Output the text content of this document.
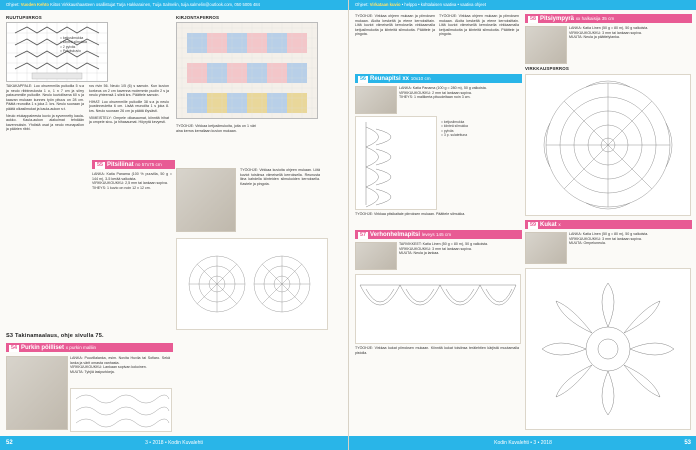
Ohjeet: Vuoden Kehto Kiitos Virkkaushaasteen osallistujat Tarja Hakkarainen, Tuija Salmelin, tuija.salmelin@outlook.com, 050 5005 484
RUUTUPIIRROS
= ketjusilmukka
= kiinteä silmukka
= 2 pylväs
= Pylväskuvio
KIRJONTAPIIRROS

TAKAKAPPALE: Luo ohuemmilla puikoilla 5 s:a ja neulo ribbineulosta 1 o, 1 n 7 cm ja siirry paksummille puikoille. Neulo kuviollisena 60 s ja kaavan mukaan kunnes työn pituus on 28 cm. Päätä reunoilta 1 s joka 2. krs. Neulo suoraan ja päätä olkasilmukat ja kaula-aukon s:t.

Neulo etukappaleesta kuvio ja syvennetty kaula-aukko. Kaula-aukon alakulmat tehdään kavennuksin. Yhdistä osat ja neulo reunapallon ja päärien ribbi.

ros rivin 56. Neulo 1/5 (6) s samoin. Kun kuvion korkeus on 2 cm kavenna molemmin puolin 2 s ja neulo yhteensä 1 sileä krs. Päättele samoin.

HIHAT: Luo ohuemmille puikoille 38 s:a ja neulo joustinneuletta 6 cm. Lisää reunoilta 1 s joka 8. krs. Neulo suoraan 26 cm ja päätä löysästi.

VIIMEISTELY: Ompele olkasaumat, kiinnitä hihat ja ompele sivu- ja hihasaumat. Höyrytä kevyesti.

TYÖOHJE: Virkkaa ketjusilmukoita, joita on 1 väri aina kerros kerrallaan kuvion mukaan.

55 Pitsiliinat no 57x75 cm
LANKA: Katia Panama (100 % puuvilla, 50 g = 144 m), 3-5 kerää valkoista.
VIRKKUUKOUKKU: 2,5 mm tai lankaan sopiva.
TIHEYS: 1 kuvio on noin 12 x 12 cm.

TYÖOHJE: Virkkaa kuvioita ohjeen mukaan. Liitä kuviot toisiinsa viimeisellä kerroksella. Reunusta liina kahdella kiinteiden silmukoiden kerroksella. Kastele ja pingota.

S3 Takinamaalaus, ohje sivulla 75.
54 Purkin pöilliset x purkin malliin
LANKA: Puuvillalanka, esim. Novita Huvila tai Sofiaro. Sekä lanka ja värit omasta vanhasta.
VIRKKUUKOUKKU: Lankaan sopivan kokoinen.
MUUTA: Tyhjiä lasipurkkeja.
52	3 • 2018 • Kodin Kuvalehti
Ohjeet: Virkataan kuvio • helppo • kohtalaisen vaativa • vaativa ohjeet

TYÖOHJE: Virkkaa ohjeen mukaan ja piirroksen mukaan. Aloita keskeltä ja etene kerroksittain. Liitä kuviot viimeisellä kerroksella virkkaamalla ketjusilmukoita ja kiinteitä silmukoita. Päättele ja pingota.

TYÖOHJE: Virkkaa ohjeen mukaan ja piirroksen mukaan. Aloita keskeltä ja etene kerroksittain. Liitä kuviot viimeisellä kerroksella virkkaamalla ketjusilmukoita ja kiinteitä silmukoita. Päättele ja pingota.

56 Reunapitsi xx 10x10 cm
LANKA: Katia Panama (100 g = 280 m), 50 g valkoista.
VIRKKUUKOUKKU: 2 mm tai lankaan sopiva.
TIHEYS: 1 mallikerta pituudeltaan noin 3 cm.
= ketjusilmukka
= kiinteä silmukka
= pylväs
= 3 p. sulatettuna

TYÖOHJE: Virkkaa pitsikaitale piirroksen mukaan. Päättele silmukka.

57 Verhonhelmapitsi leveys 145 cm
TARVIKKEET: Katia Linen (50 g = 80 m), 50 g valkoista.
VIRKKUUKOUKKU: 3 mm tai lankaan sopiva.
MUUTA: Neula ja lankaa.

TYÖOHJE: Virkkaa kukat piirroksen mukaan. Kiinnitä kukat toisiinsa terälehtien kärjistä muutamalla pistolla.

58 Pitsiympyrä xx halkaisija 35 cm
LANKA: Katia Linen (50 g = 80 m), 50 g valkoista.
VIRKKUUKOUKKU: 3 mm tai lankaan sopiva.
MUUTA: Neula ja päättelylanka.
VIRKKAUSPIIRROS
59 Kukat x
LANKA: Katia Linen (50 g = 80 m), 50 g valkoista.
VIRKKUUKOUKKU: 3 mm tai lankaan sopiva.
MUUTA: Ompeluneula.
Kodin Kuvalehti • 3 • 2018	53
